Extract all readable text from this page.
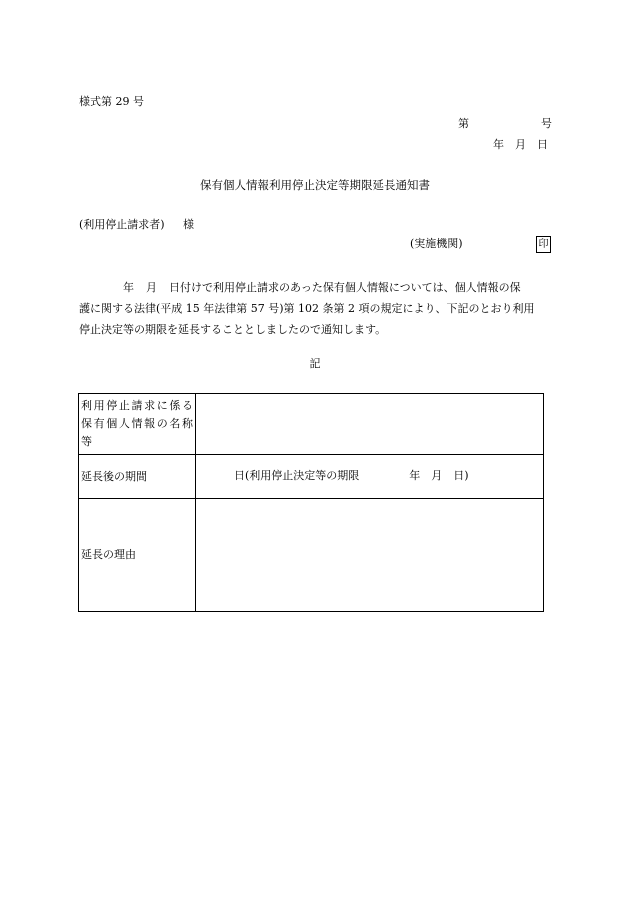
様式第 29 号
第	号
年 月 日
保有個人情報利用停止決定等期限延長通知書
(利用停止請求者) 様
(実施機関)	印
年 月 日付けで利用停止請求のあった保有個人情報については、個人情報の保
護に関する法律(平成 15 年法律第 57 号)第 102 条第 2 項の規定により、下記のとおり利用
停止決定等の期限を延長することとしましたので通知します。
記
利用停止請求に係る
保有個人情報の名称
等	

延長後の期間	日(利用停止決定等の期限 年　月　日)

延長の理由	
